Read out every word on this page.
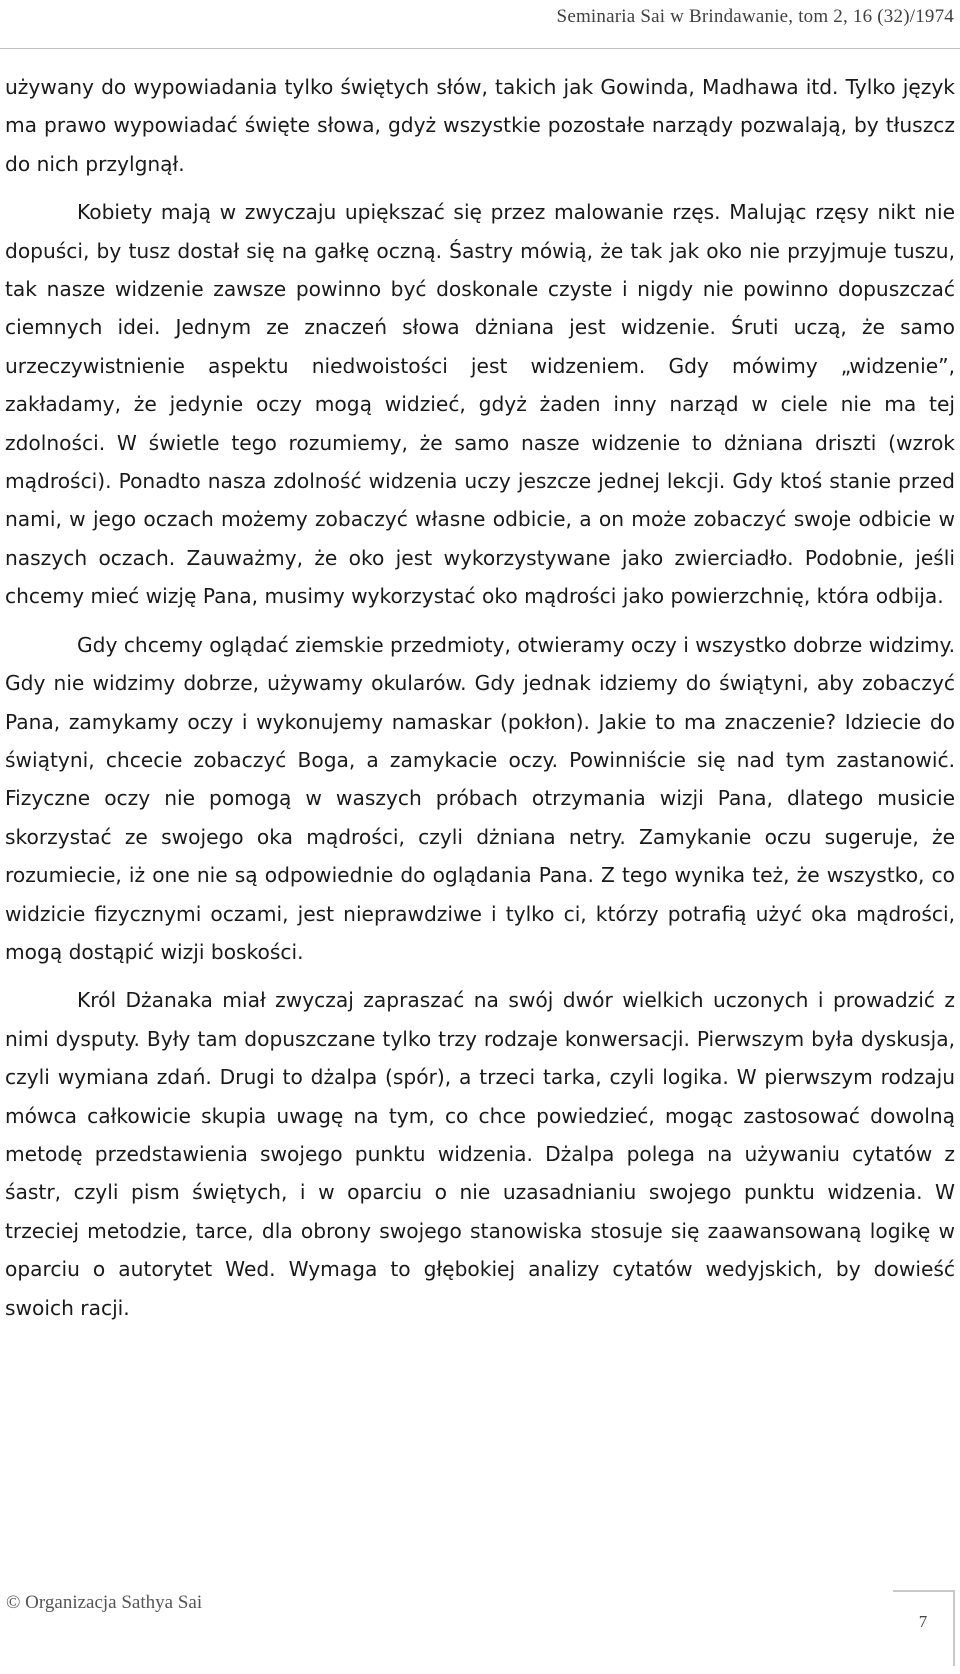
Seminaria Sai w Brindawanie, tom 2, 16 (32)/1974

używany do wypowiadania tylko świętych słów, takich jak Gowinda, Madhawa itd. Tylko język ma prawo wypowiadać święte słowa, gdyż wszystkie pozostałe narządy pozwalają, by tłuszcz do nich przylgnął.

Kobiety mają w zwyczaju upiększać się przez malowanie rzęs. Malując rzęsy nikt nie dopuści, by tusz dostał się na gałkę oczną. Śastry mówią, że tak jak oko nie przyjmuje tuszu, tak nasze widzenie zawsze powinno być doskonale czyste i nigdy nie powinno dopuszczać ciemnych idei. Jednym ze znaczeń słowa dżniana jest widzenie. Śruti uczą, że samo urzeczywistnienie aspektu niedwoistości jest widzeniem. Gdy mówimy „widzenie”, zakładamy, że jedynie oczy mogą widzieć, gdyż żaden inny narząd w ciele nie ma tej zdolności. W świetle tego rozumiemy, że samo nasze widzenie to dżniana driszti (wzrok mądrości). Ponadto nasza zdolność widzenia uczy jeszcze jednej lekcji. Gdy ktoś stanie przed nami, w jego oczach możemy zobaczyć własne odbicie, a on może zobaczyć swoje odbicie w naszych oczach. Zauważmy, że oko jest wykorzystywane jako zwierciadło. Podobnie, jeśli chcemy mieć wizję Pana, musimy wykorzystać oko mądrości jako powierzchnię, która odbija.

Gdy chcemy oglądać ziemskie przedmioty, otwieramy oczy i wszystko dobrze widzimy. Gdy nie widzimy dobrze, używamy okularów. Gdy jednak idziemy do świątyni, aby zobaczyć Pana, zamykamy oczy i wykonujemy namaskar (pokłon). Jakie to ma znaczenie? Idziecie do świątyni, chcecie zobaczyć Boga, a zamykacie oczy. Powinniście się nad tym zastanowić. Fizyczne oczy nie pomogą w waszych próbach otrzymania wizji Pana, dlatego musicie skorzystać ze swojego oka mądrości, czyli dżniana netry. Zamykanie oczu sugeruje, że rozumiecie, iż one nie są odpowiednie do oglądania Pana. Z tego wynika też, że wszystko, co widzicie fizycznymi oczami, jest nieprawdziwe i tylko ci, którzy potrafią użyć oka mądrości, mogą dostąpić wizji boskości.

Król Dżanaka miał zwyczaj zapraszać na swój dwór wielkich uczonych i prowadzić z nimi dysputy. Były tam dopuszczane tylko trzy rodzaje konwersacji. Pierwszym była dyskusja, czyli wymiana zdań. Drugi to dżalpa (spór), a trzeci tarka, czyli logika. W pierwszym rodzaju mówca całkowicie skupia uwagę na tym, co chce powiedzieć, mogąc zastosować dowolną metodę przedstawienia swojego punktu widzenia. Dżalpa polega na używaniu cytatów z śastr, czyli pism świętych, i w oparciu o nie uzasadnianiu swojego punktu widzenia. W trzeciej metodzie, tarce, dla obrony swojego stanowiska stosuje się zaawansowaną logikę w oparciu o autorytet Wed. Wymaga to głębokiej analizy cytatów wedyjskich, by dowieść swoich racji.

© Organizacja Sathya Sai
7
